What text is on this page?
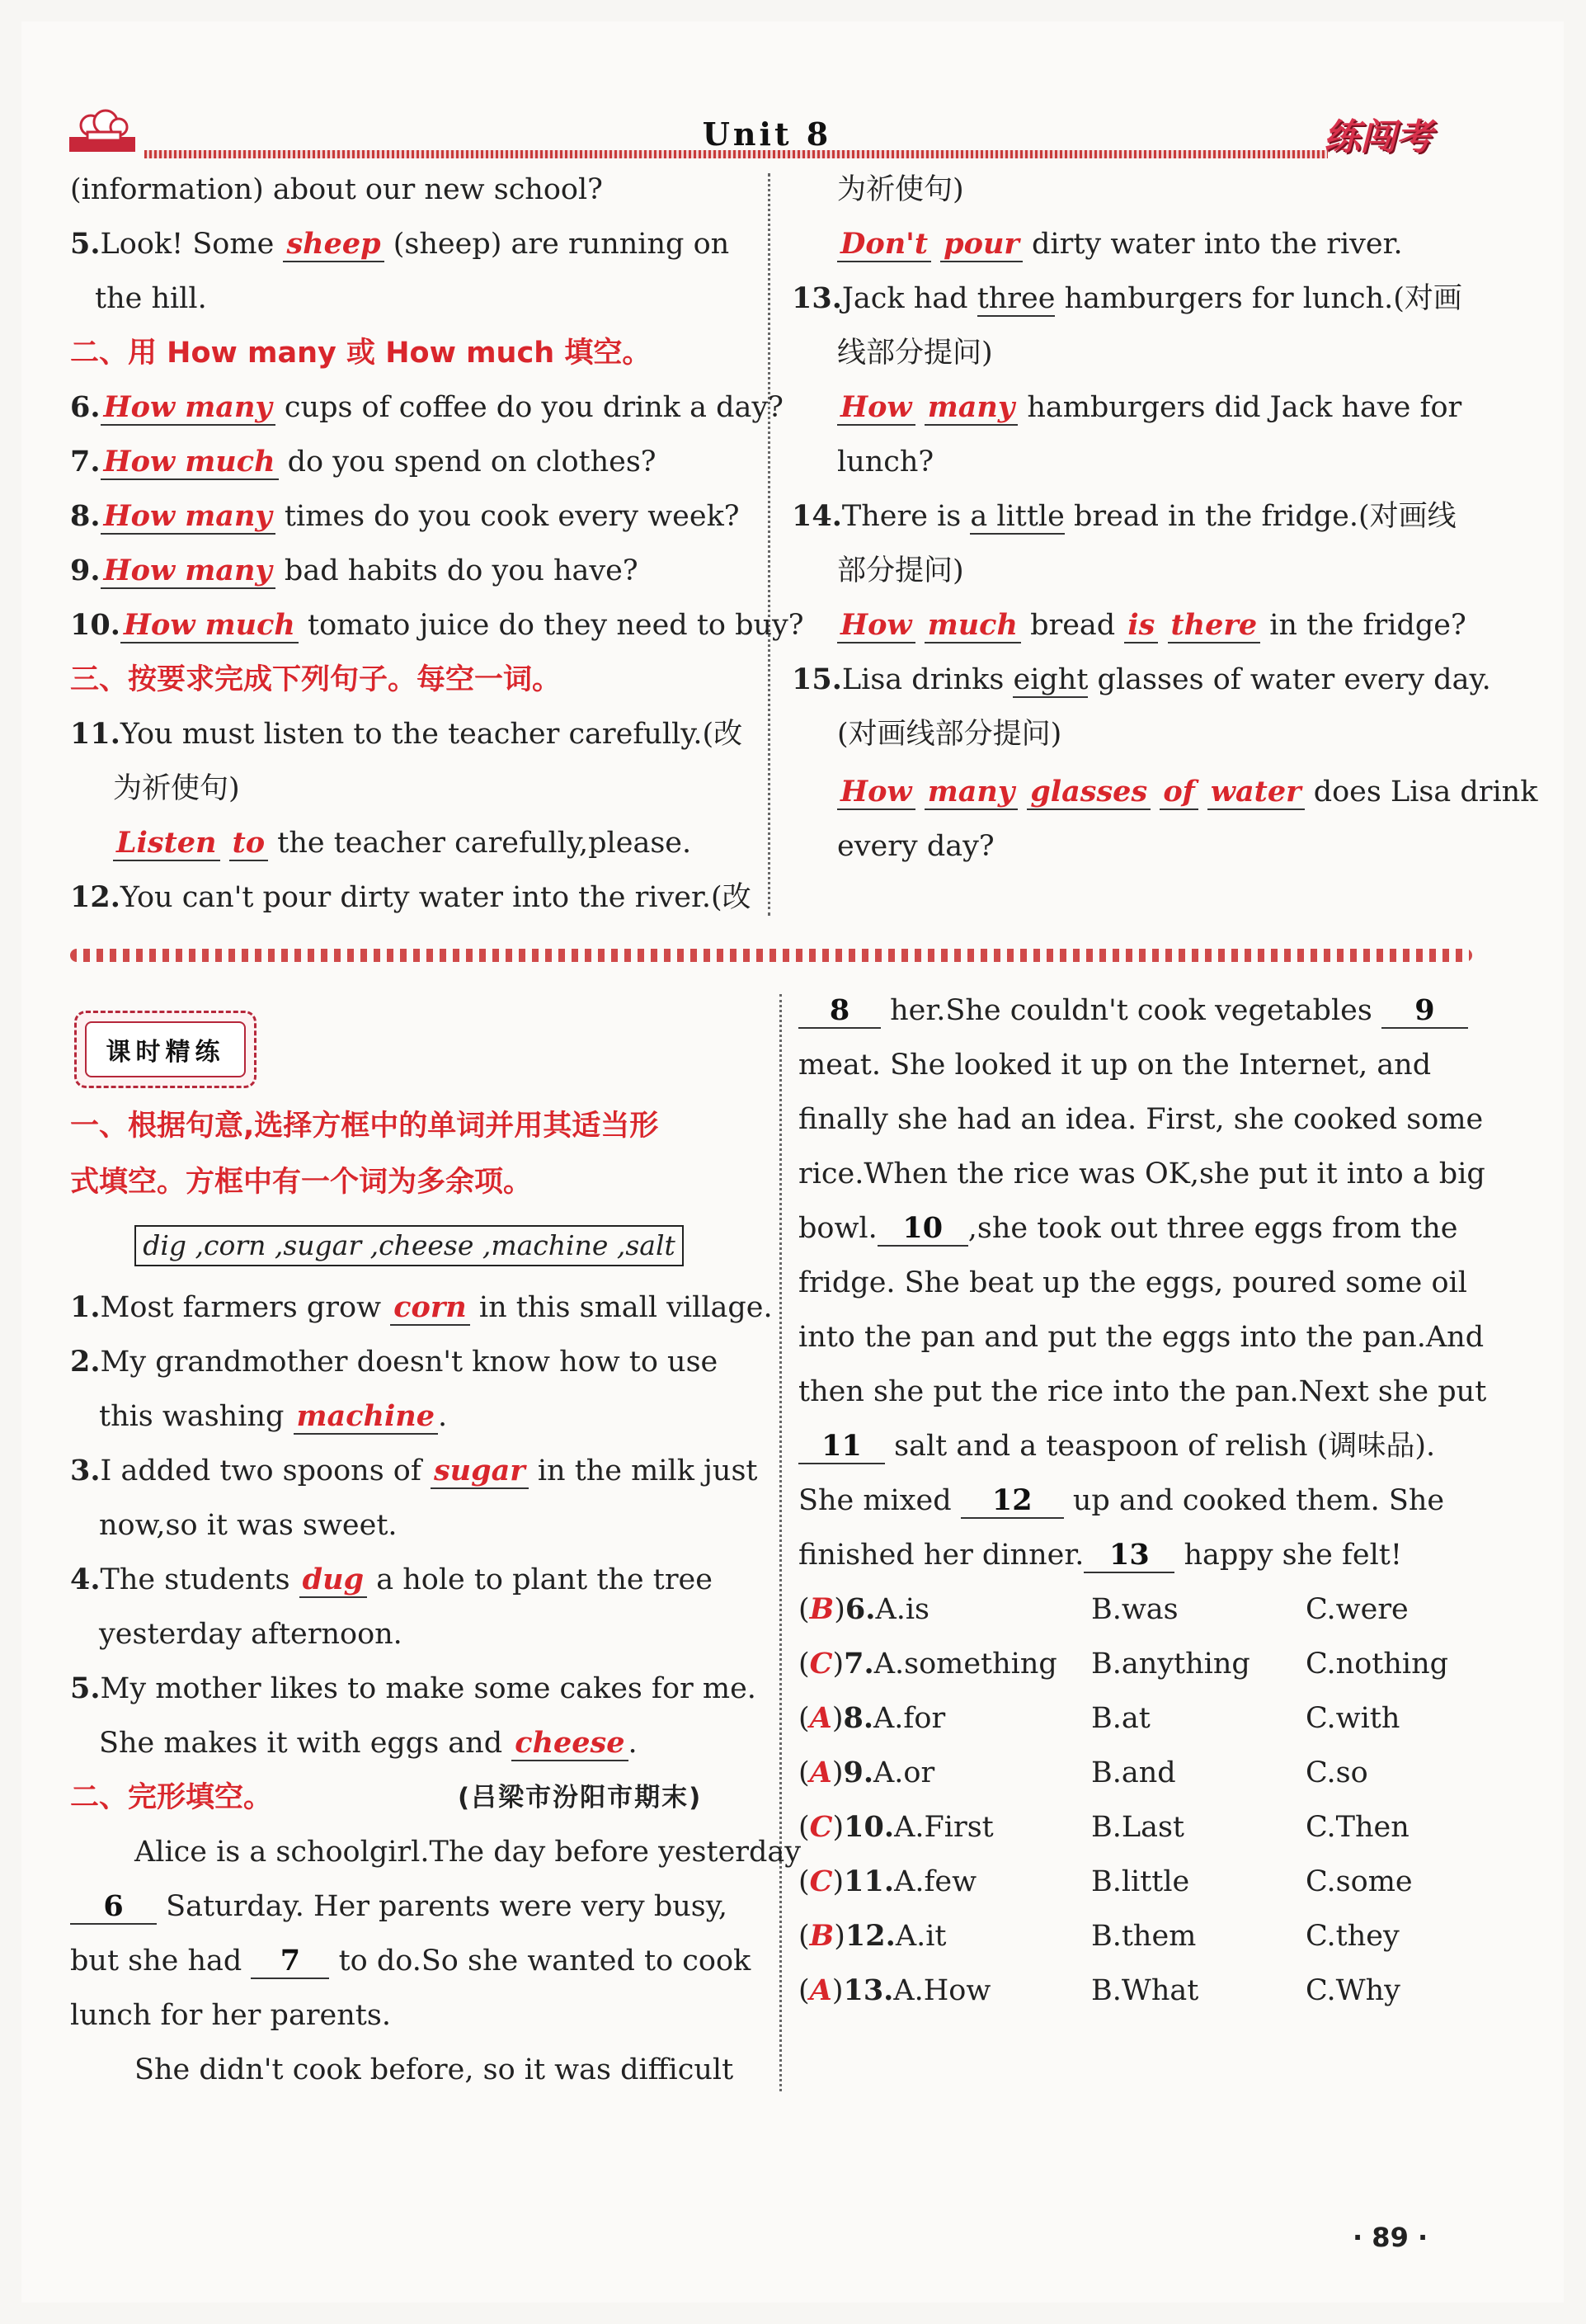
Unit 8	练闯考
(information) about our new school?
5.Look! Some sheep (sheep) are running on
the hill.
二、用 How many 或 How much 填空。
6. How many cups of coffee do you drink a day?
7. How much do you spend on clothes?
8. How many times do you cook every week?
9. How many bad habits do you have?
10. How much tomato juice do they need to buy?
三、按要求完成下列句子。每空一词。
11.You must listen to the teacher carefully.(改
为祈使句)
Listen to the teacher carefully,please.
12.You can't pour dirty water into the river.(改
为祈使句)
Don't pour dirty water into the river.
13.Jack had three hamburgers for lunch.(对画
线部分提问)
How many hamburgers did Jack have for
lunch?
14.There is a little bread in the fridge.(对画线
部分提问)
How much bread is there in the fridge?
15.Lisa drinks eight glasses of water every day.
(对画线部分提问)
How many glasses of water does Lisa drink
every day?
课时精练
一、根据句意,选择方框中的单词并用其适当形
式填空。方框中有一个词为多余项。
dig ,corn ,sugar ,cheese ,machine ,salt
1.Most farmers grow corn in this small village.
2.My grandmother doesn't know how to use
this washing machine .
3.I added two spoons of sugar in the milk just
now,so it was sweet.
4.The students dug a hole to plant the tree
yesterday afternoon.
5.My mother likes to make some cakes for me.
She makes it with eggs and cheese .
二、完形填空。	(吕梁市汾阳市期末)
Alice is a schoolgirl.The day before yesterday
6 Saturday. Her parents were very busy,
but she had 7 to do.So she wanted to cook
lunch for her parents.
She didn't cook before, so it was difficult
8 her.She couldn't cook vegetables 9
meat. She looked it up on the Internet, and
finally she had an idea. First, she cooked some
rice.When the rice was OK,she put it into a big
bowl. 10 ,she took out three eggs from the
fridge. She beat up the eggs, poured some oil
into the pan and put the eggs into the pan.And
then she put the rice into the pan.Next she put
11 salt and a teaspoon of relish (调味品).
She mixed 12 up and cooked them. She
finished her dinner. 13 happy she felt!
(B)6.A.is	B.was	C.were
(C)7.A.something B.anything C.nothing
(A)8.A.for	B.at	C.with
(A)9.A.or	B.and	C.so
(C)10.A.First	B.Last	C.Then
(C)11.A.few	B.little	C.some
(B)12.A.it	B.them	C.they
(A)13.A.How	B.What	C.Why
· 89 ·
